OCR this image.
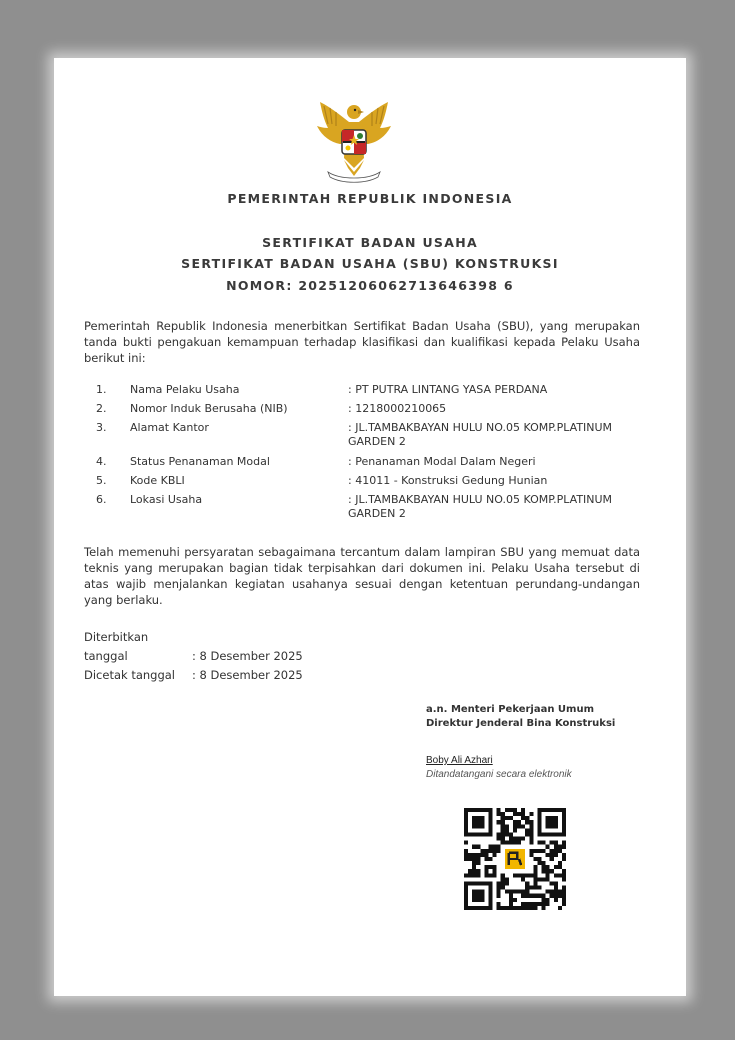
PEMERINTAH REPUBLIK INDONESIA
SERTIFIKAT BADAN USAHA
SERTIFIKAT BADAN USAHA (SBU) KONSTRUKSI
NOMOR: 20251206062713646398 6
Pemerintah Republik Indonesia menerbitkan Sertifikat Badan Usaha (SBU), yang merupakan tanda bukti pengakuan kemampuan terhadap klasifikasi dan kualifikasi kepada Pelaku Usaha berikut ini:
1. Nama Pelaku Usaha	: PT PUTRA LINTANG YASA PERDANA
2. Nomor Induk Berusaha (NIB)	: 1218000210065
3. Alamat Kantor	: JL.TAMBAKBAYAN HULU NO.05 KOMP.PLATINUM GARDEN 2
4. Status Penanaman Modal	: Penanaman Modal Dalam Negeri
5. Kode KBLI	: 41011 - Konstruksi Gedung Hunian
6. Lokasi Usaha	: JL.TAMBAKBAYAN HULU NO.05 KOMP.PLATINUM GARDEN 2
Telah memenuhi persyaratan sebagaimana tercantum dalam lampiran SBU yang memuat data teknis yang merupakan bagian tidak terpisahkan dari dokumen ini. Pelaku Usaha tersebut di atas wajib menjalankan kegiatan usahanya sesuai dengan ketentuan perundang-undangan yang berlaku.
Diterbitkan tanggal	: 8 Desember 2025
Dicetak tanggal : 8 Desember 2025
a.n. Menteri Pekerjaan Umum
Direktur Jenderal Bina Konstruksi
Boby Ali Azhari
Ditandatangani secara elektronik
